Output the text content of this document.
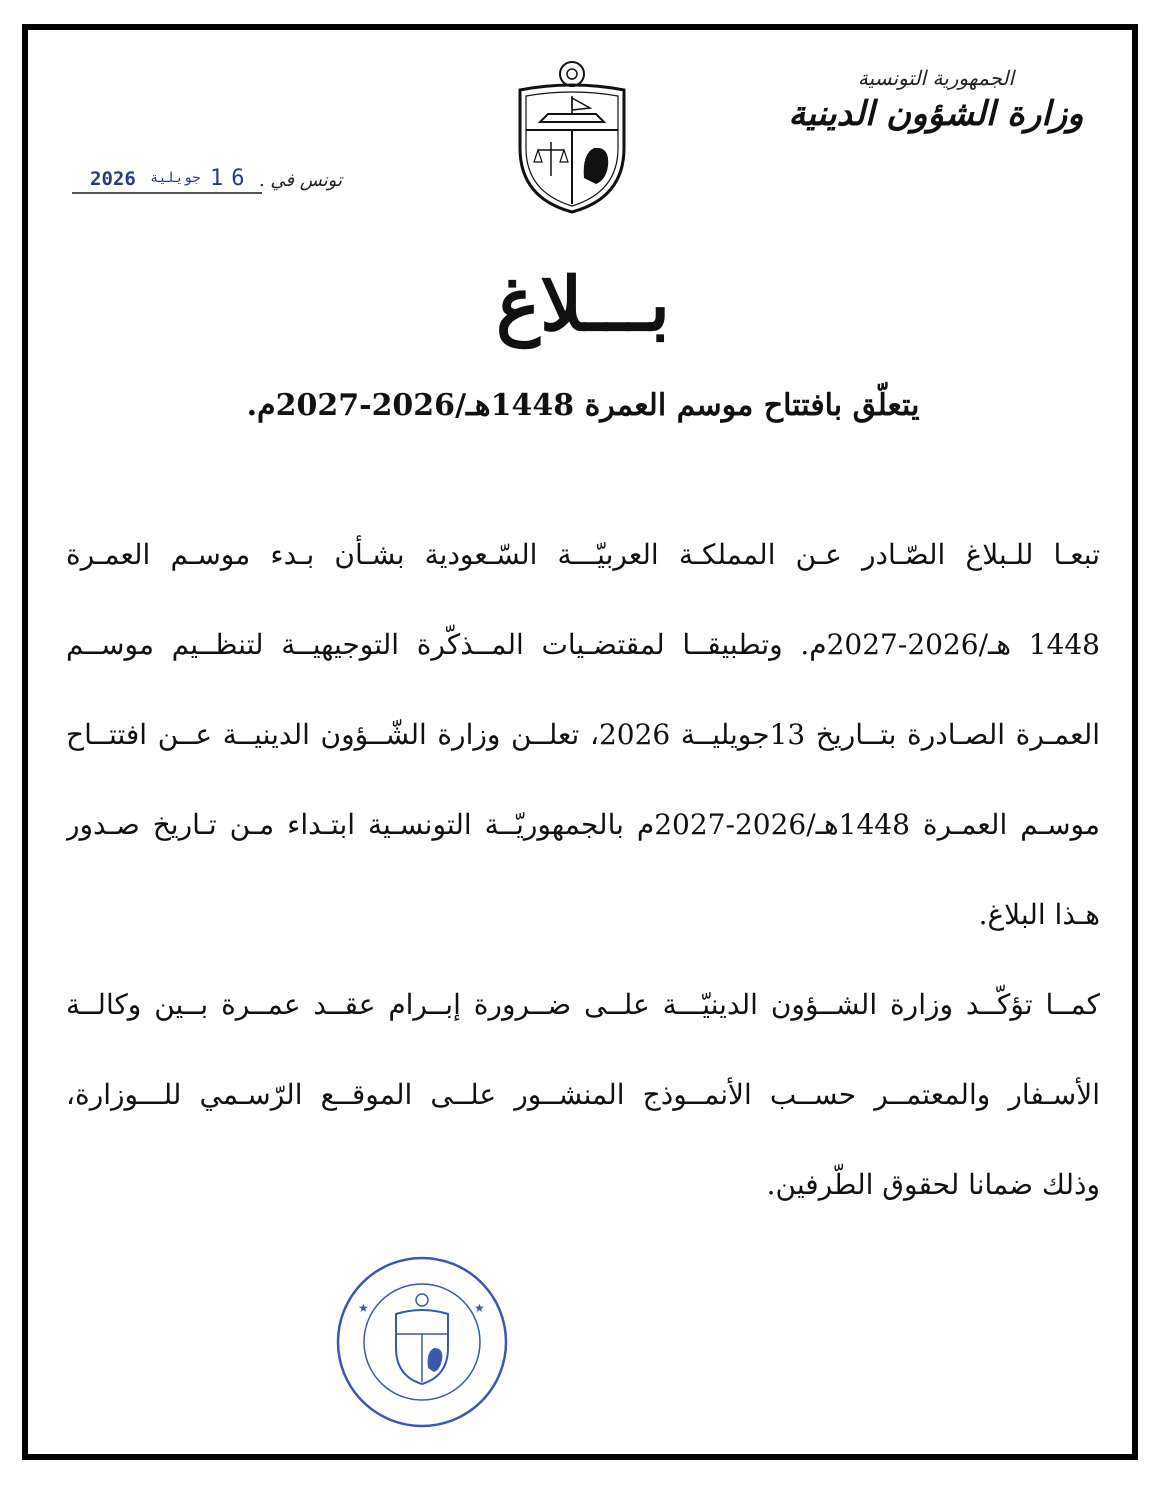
الجمهورية التونسية
وزارة الشؤون الدينية
تونس في .
2026 جويلية 16
بـــلاغ
يتعلّق بافتتاح موسم العمرة 1448هـ/2026-2027م.
تبعـا للـبلاغ الصّـادر عـن المملكـة العربيّـــة السّـعودية بشـأن بـدء موسـم العمـرة
1448 هـ/2026-2027م. وتطبيقــا لمقتضـيات المــذكّرة التوجيهيــة لتنظــيم موســم
العمـرة الصـادرة بتــاريخ 13جويليــة 2026، تعلــن وزارة الشّــؤون الدينيــة عــن افتتــاح
موسـم العمـرة 1448هـ/2026-2027م بالجمهوريّــة التونسـية ابتـداء مـن تـاريخ صـدور
هـذا البلاغ.
كمــا تؤكّــد وزارة الشــؤون الدينيّـــة علــى ضــرورة إبــرام عقــد عمــرة بــين وكالــة
الأسـفار والمعتمــر حســب الأنمــوذج المنشــور علــى الموقــع الرّسـمي للـــوزارة،
وذلك ضمانا لحقوق الطّرفين.
★
★
